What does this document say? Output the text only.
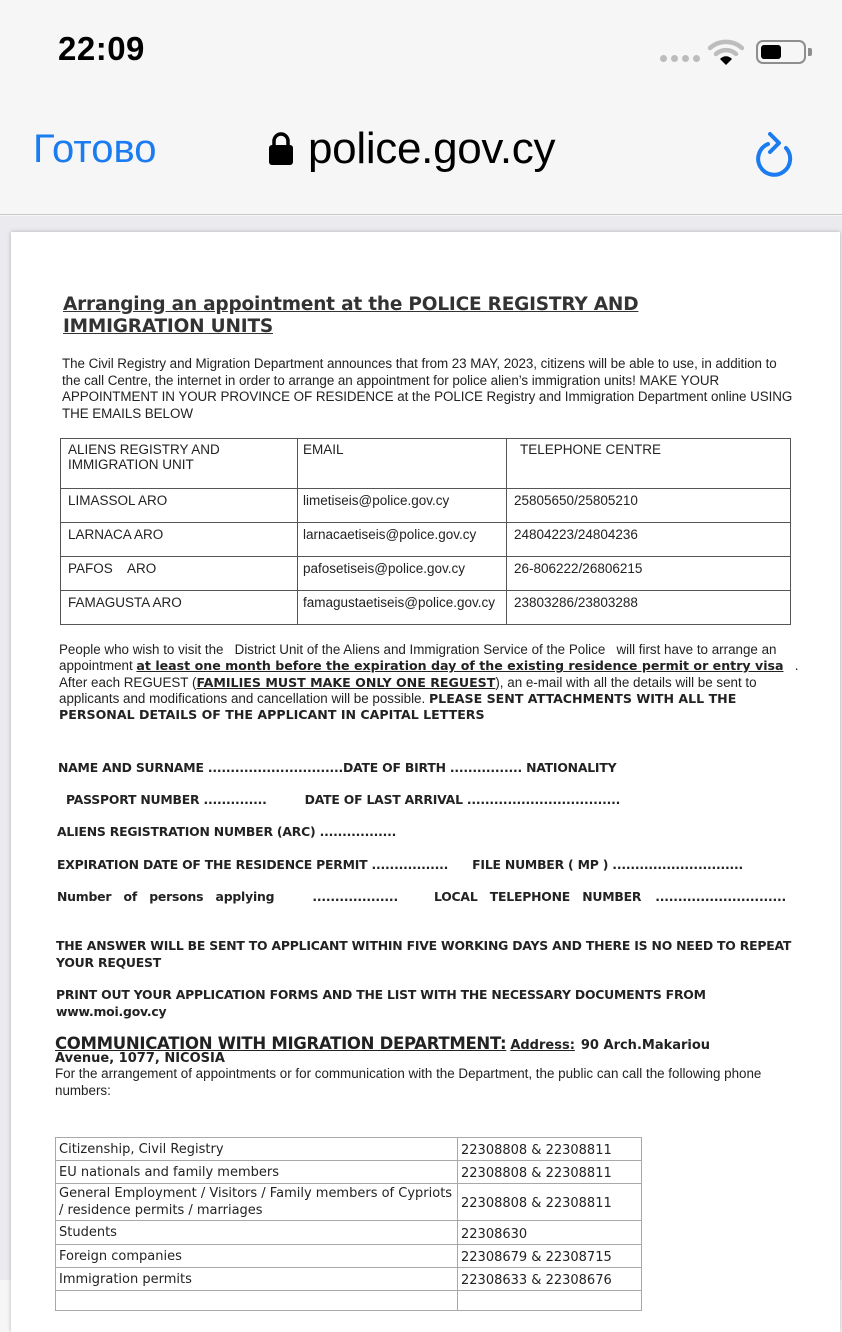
22:09
Готово	police.gov.cy
Arranging an appointment at the POLICE REGISTRY AND IMMIGRATION UNITS
The Civil Registry and Migration Department announces that from 23 MAY, 2023, citizens will be able to use, in addition to the call Centre, the internet in order to arrange an appointment for police alien’s immigration units! MAKE YOUR APPOINTMENT IN YOUR PROVINCE OF RESIDENCE at the POLICE Registry and Immigration Department online USING THE EMAILS BELOW
ALIENS REGISTRY AND IMMIGRATION UNIT	EMAIL	TELEPHONE CENTRE
LIMASSOL ARO	limetiseis@police.gov.cy	25805650/25805210
LARNACA ARO	larnacaetiseis@police.gov.cy	24804223/24804236
PAFOS    ARO	pafosetiseis@police.gov.cy	26-806222/26806215
FAMAGUSTA ARO	famagustaetiseis@police.gov.cy	23803286/23803288
People who wish to visit the   District Unit of the Aliens and Immigration Service of the Police   will first have to arrange an appointment at least one month before the expiration day of the existing residence permit or entry visa   . After each REGUEST (FAMILIES MUST MAKE ONLY ONE REGUEST), an e-mail with all the details will be sent to applicants and modifications and cancellation will be possible. PLEASE SENT ATTACHMENTS WITH ALL THE PERSONAL DETAILS OF THE APPLICANT IN CAPITAL LETTERS
NAME AND SURNAME ..............................DATE OF BIRTH ................ NATIONALITY
PASSPORT NUMBER ..............	DATE OF LAST ARRIVAL ..................................
ALIENS REGISTRATION NUMBER (ARC) .................
EXPIRATION DATE OF THE RESIDENCE PERMIT ................. FILE NUMBER ( MP ) .............................
Number  of  persons  applying	...................	LOCAL  TELEPHONE  NUMBER .............................
THE ANSWER WILL BE SENT TO APPLICANT WITHIN FIVE WORKING DAYS AND THERE IS NO NEED TO REPEAT YOUR REQUEST
PRINT OUT YOUR APPLICATION FORMS AND THE LIST WITH THE NECESSARY DOCUMENTS FROM www.moi.gov.cy
COMMUNICATION WITH MIGRATION DEPARTMENT: Address: 90 Arch.Makariou
Avenue, 1077, NICOSIA
For the arrangement of appointments or for communication with the Department, the public can call the following phone numbers:
Citizenship, Civil Registry	22308808 & 22308811
EU nationals and family members	22308808 & 22308811
General Employment / Visitors / Family members of Cypriots / residence permits / marriages	22308808 & 22308811
Students	22308630
Foreign companies	22308679 & 22308715
Immigration permits	22308633 & 22308676
